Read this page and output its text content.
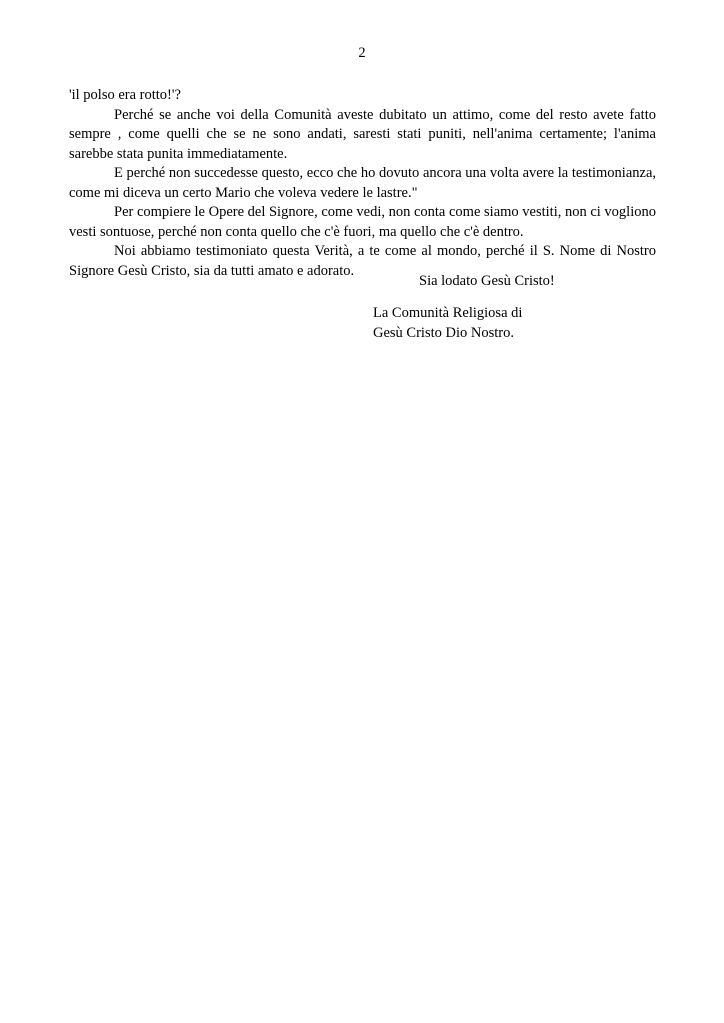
2

'il polso era rotto!'?

Perché se anche voi della Comunità aveste dubitato un attimo, come del resto avete fatto sempre , come quelli che se ne sono andati, saresti stati puniti, nell'anima certamente; l'anima sarebbe stata punita immediatamente.

E perché non succedesse questo, ecco che ho dovuto ancora una volta avere la testimonianza, come mi diceva un certo Mario che voleva vedere le lastre."

Per compiere le Opere del Signore, come vedi, non conta come siamo vestiti, non ci vogliono vesti sontuose, perché non conta quello che c'è fuori, ma quello che c'è dentro.

Noi abbiamo testimoniato questa Verità, a te come al mondo, perché il S. Nome di Nostro Signore Gesù Cristo, sia da tutti amato e adorato.

Sia lodato Gesù Cristo!
La Comunità Religiosa di
Gesù Cristo Dio Nostro.
